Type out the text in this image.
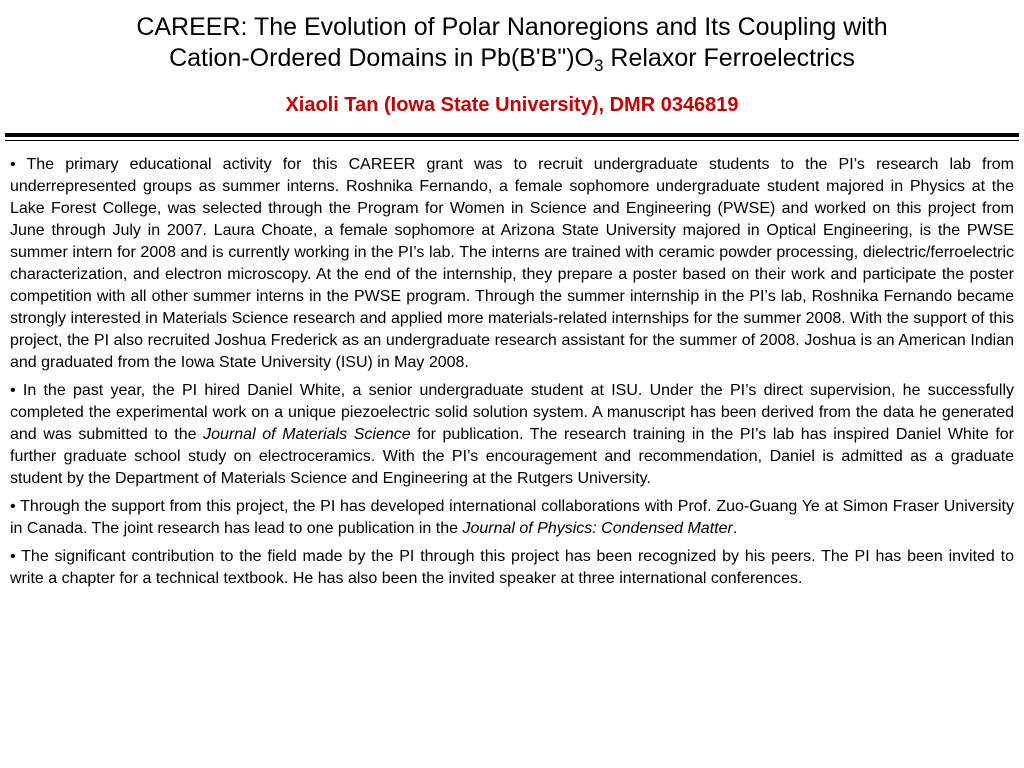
CAREER: The Evolution of Polar Nanoregions and Its Coupling with
Cation-Ordered Domains in $Pb(B'B")O_3$ Relaxor Ferroelectrics
Xiaoli Tan (Iowa State University), DMR 0346819

• The primary educational activity for this CAREER grant was to recruit undergraduate students to the PI’s research lab from underrepresented groups as summer interns. Roshnika Fernando, a female sophomore undergraduate student majored in Physics at the Lake Forest College, was selected through the Program for Women in Science and Engineering (PWSE) and worked on this project from June through July in 2007. Laura Choate, a female sophomore at Arizona State University majored in Optical Engineering, is the PWSE summer intern for 2008 and is currently working in the PI’s lab. The interns are trained with ceramic powder processing, dielectric/ferroelectric characterization, and electron microscopy. At the end of the internship, they prepare a poster based on their work and participate the poster competition with all other summer interns in the PWSE program. Through the summer internship in the PI’s lab, Roshnika Fernando became strongly interested in Materials Science research and applied more materials-related internships for the summer 2008. With the support of this project, the PI also recruited Joshua Frederick as an undergraduate research assistant for the summer of 2008. Joshua is an American Indian and graduated from the Iowa State University (ISU) in May 2008.

• In the past year, the PI hired Daniel White, a senior undergraduate student at ISU. Under the PI’s direct supervision, he successfully completed the experimental work on a unique piezoelectric solid solution system. A manuscript has been derived from the data he generated and was submitted to the Journal of Materials Science for publication. The research training in the PI’s lab has inspired Daniel White for further graduate school study on electroceramics. With the PI’s encouragement and recommendation, Daniel is admitted as a graduate student by the Department of Materials Science and Engineering at the Rutgers University.

• Through the support from this project, the PI has developed international collaborations with Prof. Zuo-Guang Ye at Simon Fraser University in Canada. The joint research has lead to one publication in the Journal of Physics: Condensed Matter.

• The significant contribution to the field made by the PI through this project has been recognized by his peers. The PI has been invited to write a chapter for a technical textbook. He has also been the invited speaker at three international conferences.
